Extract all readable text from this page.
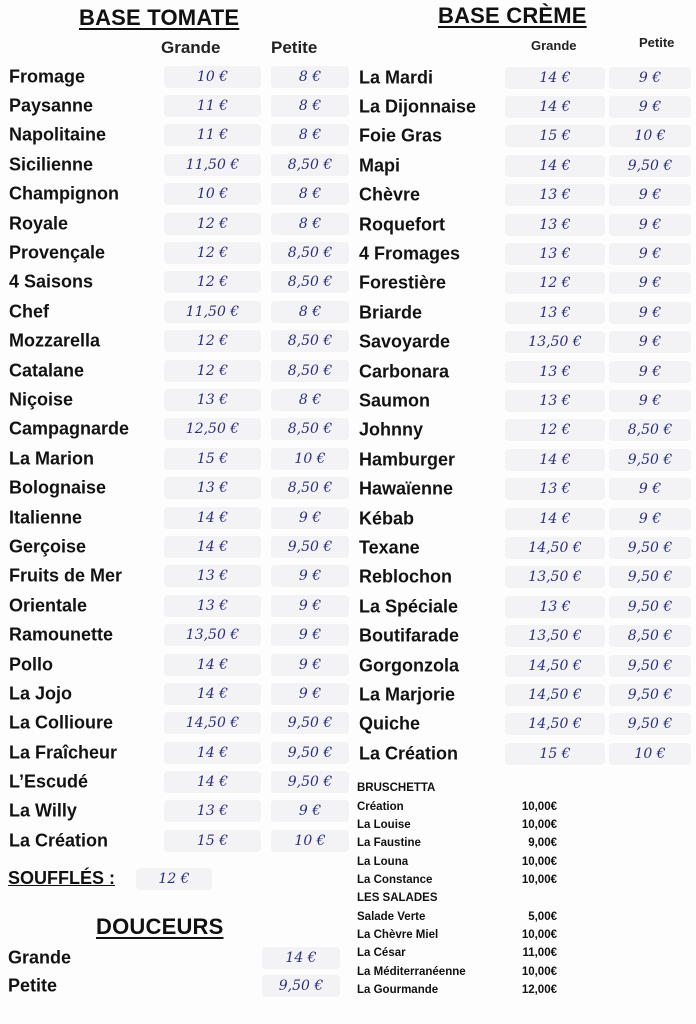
BASE TOMATE	BASE CRÈME
Grande	Petite	Grande	Petite
Fromage	10 €	8 €
Paysanne	11 €	8 €
Napolitaine	11 €	8 €
Sicilienne	11,50 €	8,50 €
Champignon	10 €	8 €
Royale	12 €	8 €
Provençale	12 €	8,50 €
4 Saisons	12 €	8,50 €
Chef	11,50 €	8 €
Mozzarella	12 €	8,50 €
Catalane	12 €	8,50 €
Niçoise	13 €	8 €
Campagnarde	12,50 €	8,50 €
La Marion	15 €	10 €
Bolognaise	13 €	8,50 €
Italienne	14 €	9 €
Gerçoise	14 €	9,50 €
Fruits de Mer	13 €	9 €
Orientale	13 €	9 €
Ramounette	13,50 €	9 €
Pollo	14 €	9 €
La Jojo	14 €	9 €
La Collioure	14,50 €	9,50 €
La Fraîcheur	14 €	9,50 €
L’Escudé	14 €	9,50 €
La Willy	13 €	9 €
La Création	15 €	10 €
La Mardi	14 €	9 €
La Dijonnaise	14 €	9 €
Foie Gras	15 €	10 €
Mapi	14 €	9,50 €
Chèvre	13 €	9 €
Roquefort	13 €	9 €
4 Fromages	13 €	9 €
Forestière	12 €	9 €
Briarde	13 €	9 €
Savoyarde	13,50 €	9 €
Carbonara	13 €	9 €
Saumon	13 €	9 €
Johnny	12 €	8,50 €
Hamburger	14 €	9,50 €
Hawaïenne	13 €	9 €
Kébab	14 €	9 €
Texane	14,50 €	9,50 €
Reblochon	13,50 €	9,50 €
La Spéciale	13 €	9,50 €
Boutifarade	13,50 €	8,50 €
Gorgonzola	14,50 €	9,50 €
La Marjorie	14,50 €	9,50 €
Quiche	14,50 €	9,50 €
La Création	15 €	10 €
SOUFFLÉS :	12 €
DOUCEURS
Grande	14 €
Petite	9,50 €
BRUSCHETTA
Création	10,00€
La Louise	10,00€
La Faustine	9,00€
La Louna	10,00€
La Constance	10,00€
LES SALADES
Salade Verte	5,00€
La Chèvre Miel	10,00€
La César	11,00€
La Méditerranéenne	10,00€
La Gourmande	12,00€
